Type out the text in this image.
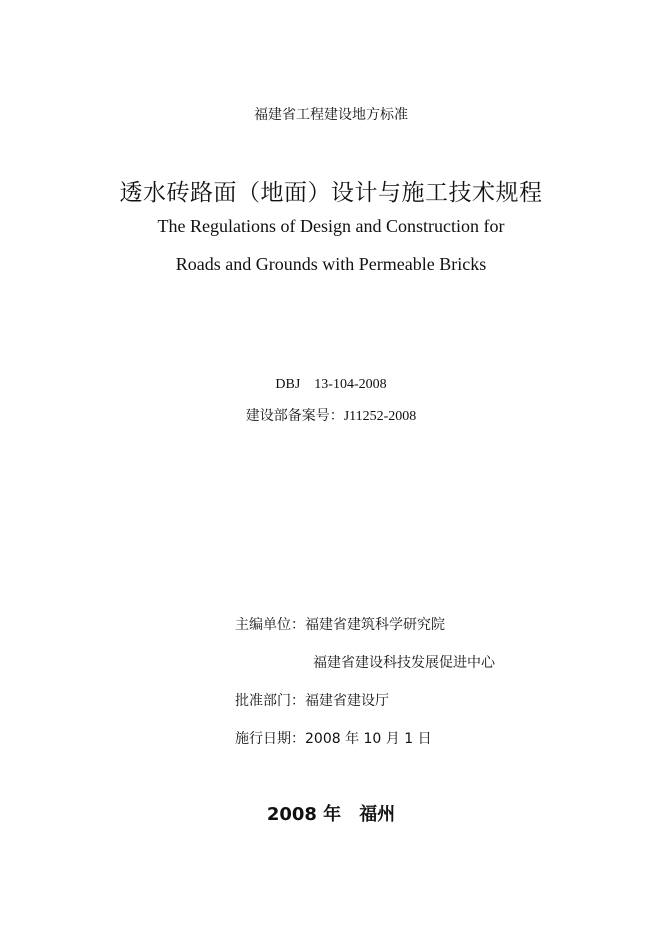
福建省工程建设地方标准
透水砖路面（地面）设计与施工技术规程
The Regulations of Design and Construction for
Roads and Grounds with Permeable Bricks
DBJ 13-104-2008
建设部备案号：J11252-2008
主编单位：福建省建筑科学研究院
福建省建设科技发展促进中心
批准部门：福建省建设厅
施行日期：2008 年 10 月 1 日
2008 年 福州
